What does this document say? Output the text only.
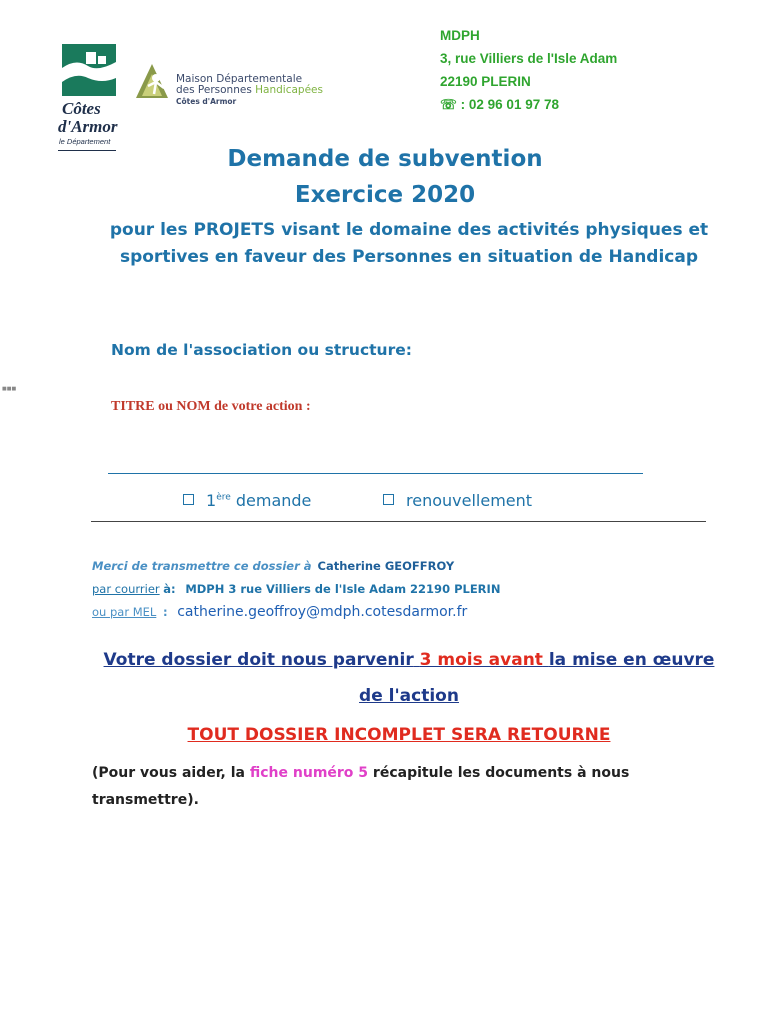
Côtes
d'Armor
le Département
Maison Départementale
des Personnes Handicapées
Côtes d'Armor
MDPH
3, rue Villiers de l'Isle Adam
22190 PLERIN
☏ : 02 96 01 97 78
Demande de subvention
Exercice 2020
pour les PROJETS visant le domaine des activités physiques et
sportives en faveur des Personnes en situation de Handicap
■■■
Nom de l'association ou structure:
TITRE ou NOM de votre action :
1ère demande	renouvellement
Merci de transmettre ce dossier à Catherine GEOFFROY
par courrier à: MDPH 3 rue Villiers de l'Isle Adam 22190 PLERIN
ou par MEL : catherine.geoffroy@mdph.cotesdarmor.fr
Votre dossier doit nous parvenir 3 mois avant la mise en œuvre
de l'action
TOUT DOSSIER INCOMPLET SERA RETOURNE
(Pour vous aider, la fiche numéro 5 récapitule les documents à nous transmettre).
